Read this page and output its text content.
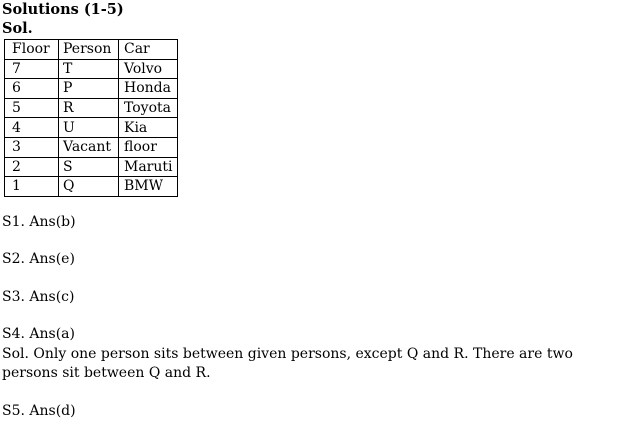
Solutions (1-5)

Sol.

Floor	Person	Car
7	T	Volvo
6	P	Honda
5	R	Toyota
4	U	Kia
3	Vacant	floor
2	S	Maruti
1	Q	BMW

S1. Ans(b)

S2. Ans(e)

S3. Ans(c)

S4. Ans(a)

Sol. Only one person sits between given persons, except Q and R. There are two persons sit between Q and R.

S5. Ans(d)
